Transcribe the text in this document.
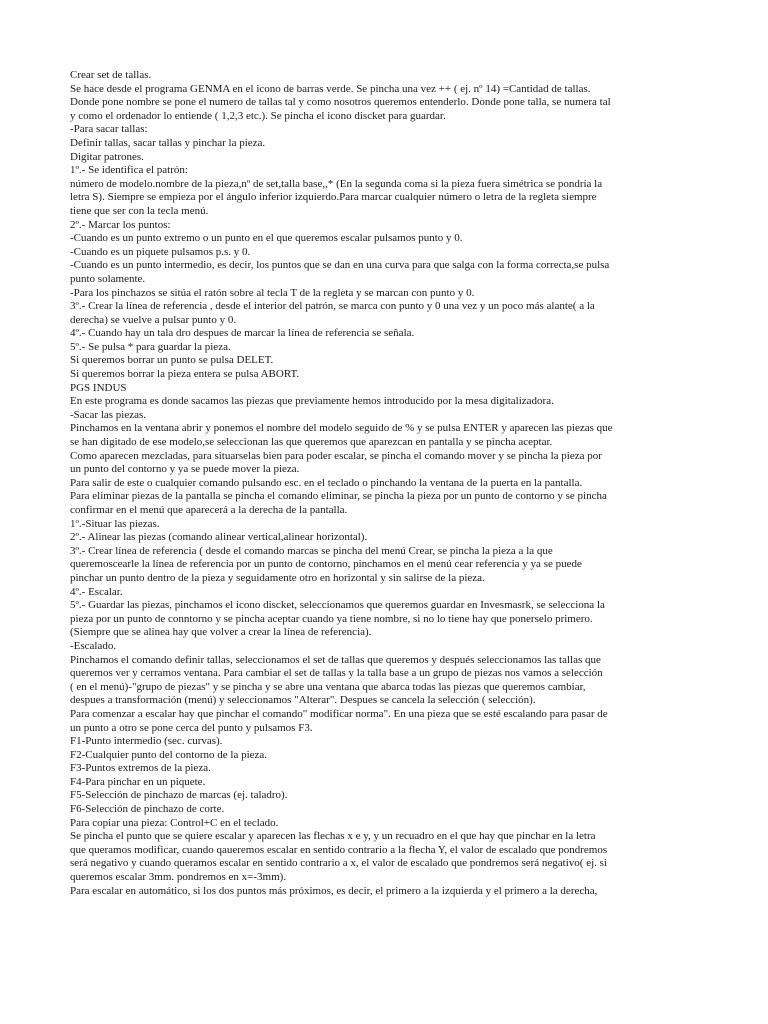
Crear set de tallas.
Se hace desde el programa GENMA en el icono de barras verde. Se pincha una vez ++ ( ej. nº 14) =Cantidad de tallas.
Donde pone nombre se pone el numero de tallas tal y como nosotros queremos entenderlo. Donde pone talla, se numera tal
y como el ordenador lo entiende ( 1,2,3 etc.). Se pincha el icono discket para guardar.
-Para sacar tallas:
Definir tallas, sacar tallas y pinchar la pieza.
Digitar patrones.
1º.- Se identifica el patrón:
número de modelo.nombre de la pieza,nº de set,talla base,,* (En la segunda coma si la pieza fuera simétrica se pondría la
letra S). Siempre se empieza por el ángulo inferior izquierdo.Para marcar cualquier número o letra de la regleta siempre
tiene que ser con la tecla menú.
2º.- Marcar los puntos:
-Cuando es un punto extremo o un punto en el que queremos escalar pulsamos punto y 0.
-Cuando es un piquete pulsamos p.s. y 0.
-Cuando es un punto intermedio, es decir, los puntos que se dan en una curva para que salga con la forma correcta,se pulsa
punto solamente.
-Para los pinchazos se sitúa el ratón sobre al tecla T de la regleta y se marcan con punto y 0.
3º.- Crear la línea de referencia , desde el interior del patrón, se marca con punto y 0 una vez y un poco más alante( a la
derecha) se vuelve a pulsar punto y 0.
4º.- Cuando hay un tala dro despues de marcar la línea de referencia se señala.
5º.- Se pulsa * para guardar la pieza.
Si queremos borrar un punto se pulsa DELET.
Si queremos borrar la pieza entera se pulsa ABORT.
PGS INDUS
En este programa es donde sacamos las piezas que previamente hemos introducido por la mesa digitalizadora.
-Sacar las piezas.
Pinchamos en la ventana abrir y ponemos el nombre del modelo seguido de % y se pulsa ENTER y aparecen las piezas que
se han digitado de ese modelo,se seleccionan las que queremos que aparezcan en pantalla y se pincha aceptar.
Como aparecen mezcladas, para situarselas bien para poder escalar, se pincha el comando mover y se pincha la pieza por
un punto del contorno y ya se puede mover la pieza.
Para salir de este o cualquier comando pulsando esc. en el teclado o pinchando la ventana de la puerta en la pantalla.
Para eliminar piezas de la pantalla se pincha el comando eliminar, se pincha la pieza por un punto de contorno y se pincha
confirmar en el menú que aparecerá a la derecha de la pantalla.
1º.-Situar las piezas.
2º.- Alinear las piezas (comando alinear vertical,alinear horizontal).
3º.- Crear línea de referencia ( desde el comando marcas se pincha del menú Crear, se pincha la pieza a la que
queremoscearle la línea de referencia por un punto de contorno, pinchamos en el menú cear referencia y ya se puede
pinchar un punto dentro de la pieza y seguidamente otro en horizontal y sin salirse de la pieza.
4º.- Escalar.
5º.- Guardar las piezas, pinchamos el icono discket, seleccionamos que queremos guardar en Invesmasrk, se selecciona la
pieza por un punto de conntorno y se pincha aceptar cuando ya tiene nombre, si no lo tiene hay que ponerselo primero.
(Siempre que se alinea hay que volver a crear la línea de referencia).
-Escalado.
Pinchamos el comando definir tallas, seleccionamos el set de tallas que queremos y después seleccionamos las tallas que
queremos ver y cerramos ventana. Para cambiar el set de tallas y la talla base a un grupo de piezas nos vamos a selección
( en el menú)-"grupo de piezas" y se pincha y se abre una ventana que abarca todas las piezas que queremos cambiar,
despues a transformación (menú) y seleccionamos "Alterar". Despues se cancela la selección ( selección).
Para comenzar a escalar hay que pinchar el comando" modificar norma". En una pieza que se esté escalando para pasar de
un punto a otro se pone cerca del punto y pulsamos F3.
F1-Punto intermedio (sec. curvas).
F2-Cualquier punto del contorno de la pieza.
F3-Puntos extremos de la pieza.
F4-Para pinchar en un piquete.
F5-Selección de pinchazo de marcas (ej. taladro).
F6-Selección de pinchazo de corte.
Para copiar una pieza: Control+C en el teclado.
Se pincha el punto que se quiere escalar y aparecen las flechas x e y, y un recuadro en el que hay que pinchar en la letra
que queramos modificar, cuando qaueremos escalar en sentido contrario a la flecha Y, el valor de escalado que pondremos
será negativo y cuando queramos escalar en sentido contrario a x, el valor de escalado que pondremos será negativo( ej. si
queremos escalar 3mm. pondremos en x=-3mm).
Para escalar en automático, si los dos puntos más próximos, es decir, el primero a la izquierda y el primero a la derecha,
